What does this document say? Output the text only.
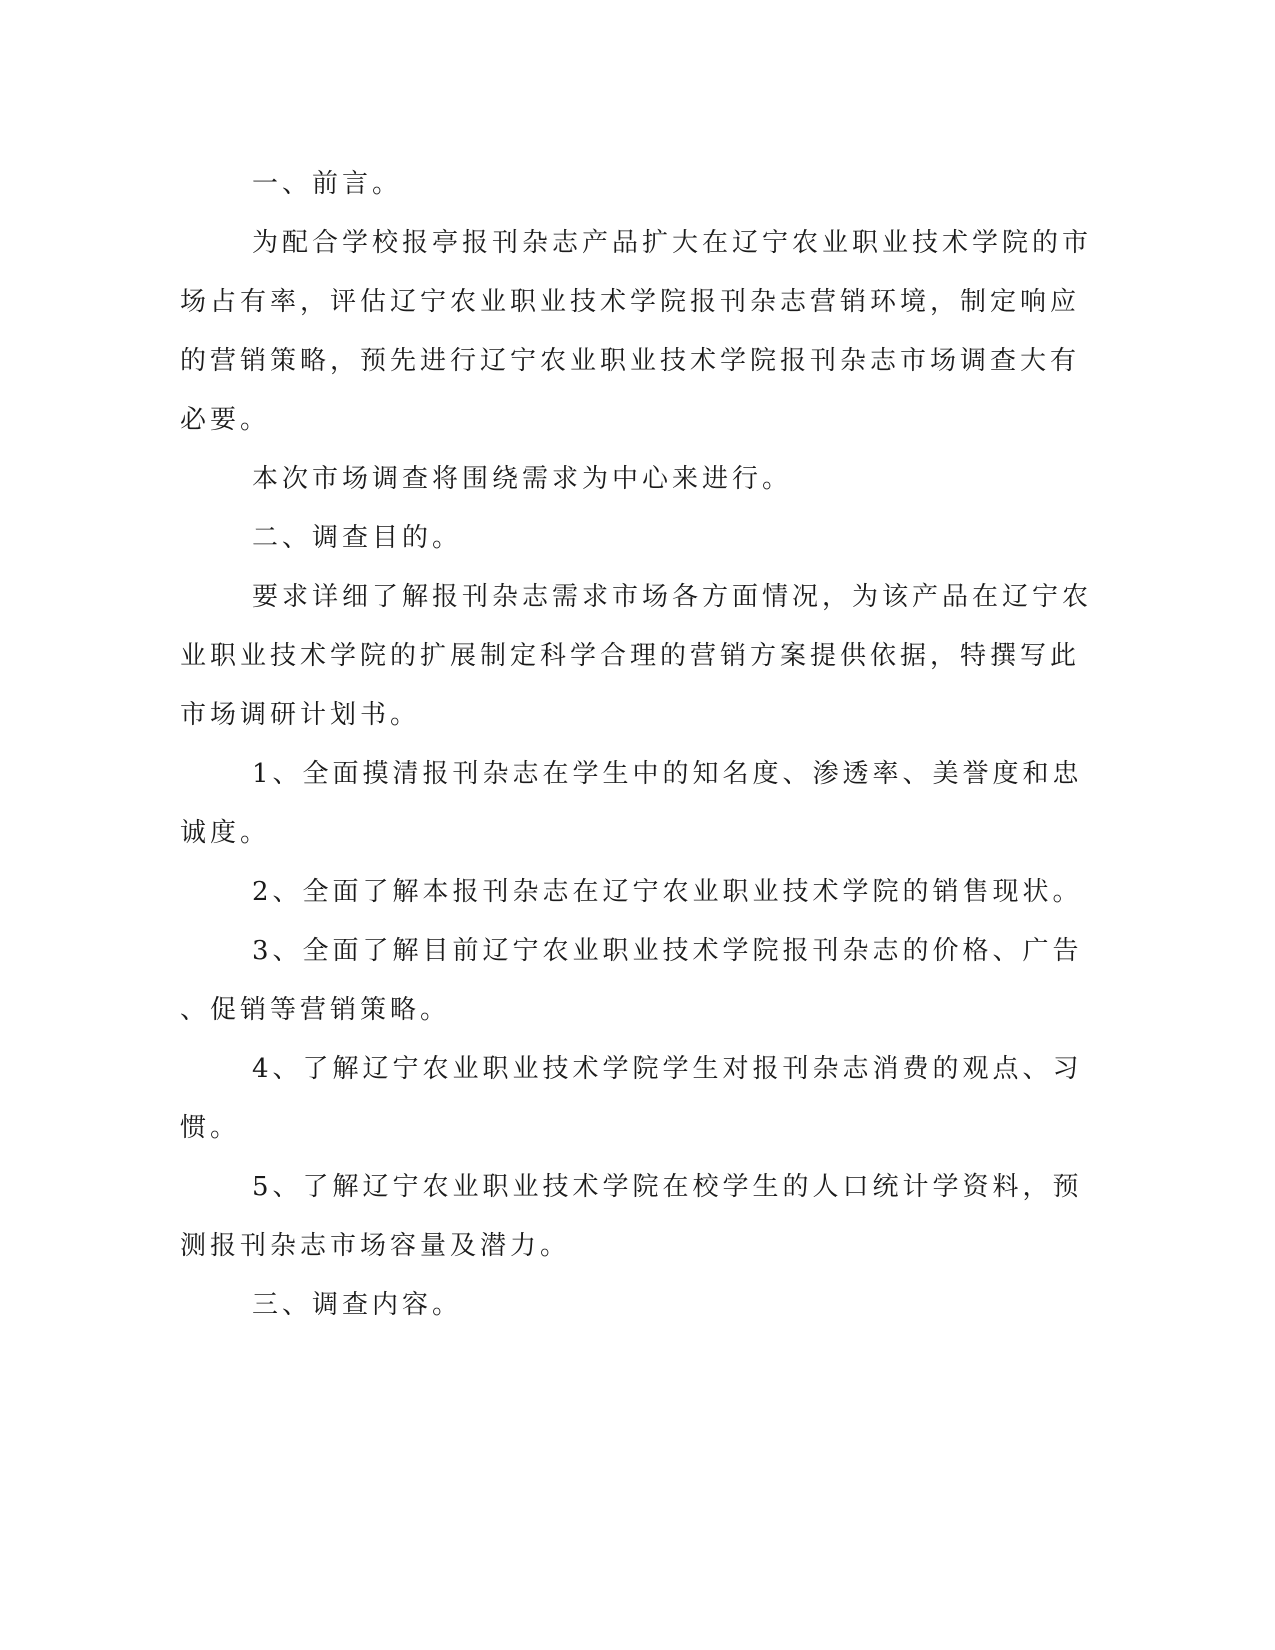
一、前言。
为配合学校报亭报刊杂志产品扩大在辽宁农业职业技术学院的市
场占有率，评估辽宁农业职业技术学院报刊杂志营销环境，制定响应
的营销策略，预先进行辽宁农业职业技术学院报刊杂志市场调查大有
必要。
本次市场调查将围绕需求为中心来进行。
二、调查目的。
要求详细了解报刊杂志需求市场各方面情况，为该产品在辽宁农
业职业技术学院的扩展制定科学合理的营销方案提供依据，特撰写此
市场调研计划书。
1、全面摸清报刊杂志在学生中的知名度、渗透率、美誉度和忠
诚度。
2、全面了解本报刊杂志在辽宁农业职业技术学院的销售现状。
3、全面了解目前辽宁农业职业技术学院报刊杂志的价格、广告
、促销等营销策略。
4、了解辽宁农业职业技术学院学生对报刊杂志消费的观点、习
惯。
5、了解辽宁农业职业技术学院在校学生的人口统计学资料，预
测报刊杂志市场容量及潜力。
三、调查内容。
